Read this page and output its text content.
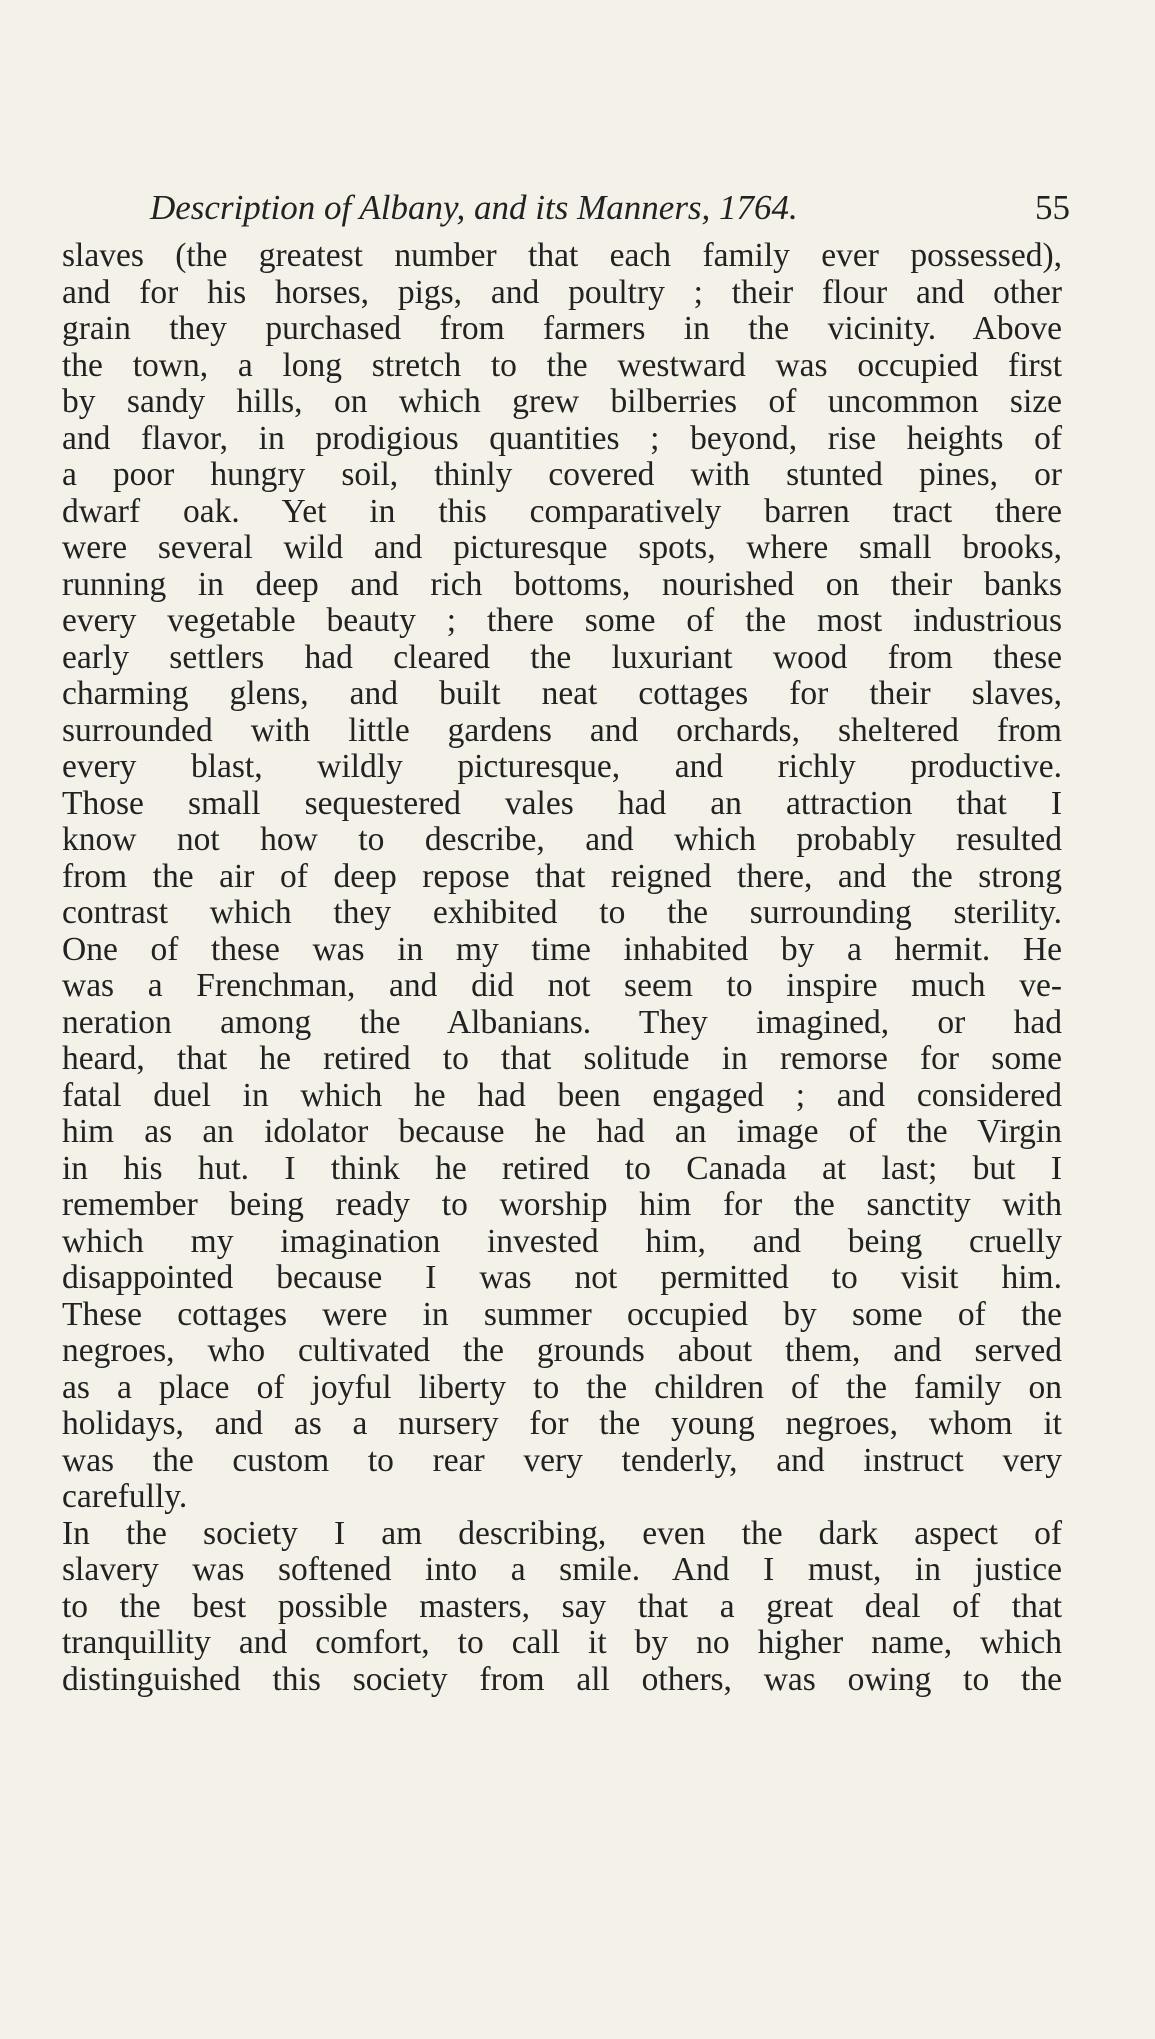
Description of Albany, and its Manners, 1764.	55
slaves (the greatest number that each family ever possessed),
and for his horses, pigs, and poultry ; their flour and other
grain they purchased from farmers in the vicinity. Above
the town, a long stretch to the westward was occupied first
by sandy hills, on which grew bilberries of uncommon size
and flavor, in prodigious quantities ; beyond, rise heights of
a poor hungry soil, thinly covered with stunted pines, or
dwarf oak. Yet in this comparatively barren tract there
were several wild and picturesque spots, where small brooks,
running in deep and rich bottoms, nourished on their banks
every vegetable beauty ; there some of the most industrious
early settlers had cleared the luxuriant wood from these
charming glens, and built neat cottages for their slaves,
surrounded with little gardens and orchards, sheltered from
every blast, wildly picturesque, and richly productive.
Those small sequestered vales had an attraction that I
know not how to describe, and which probably resulted
from the air of deep repose that reigned there, and the strong
contrast which they exhibited to the surrounding sterility.
One of these was in my time inhabited by a hermit. He
was a Frenchman, and did not seem to inspire much ve-
neration among the Albanians. They imagined, or had
heard, that he retired to that solitude in remorse for some
fatal duel in which he had been engaged ; and considered
him as an idolator because he had an image of the Virgin
in his hut. I think he retired to Canada at last; but I
remember being ready to worship him for the sanctity with
which my imagination invested him, and being cruelly
disappointed because I was not permitted to visit him.
These cottages were in summer occupied by some of the
negroes, who cultivated the grounds about them, and served
as a place of joyful liberty to the children of the family on
holidays, and as a nursery for the young negroes, whom it
was the custom to rear very tenderly, and instruct very
carefully.
In the society I am describing, even the dark aspect of
slavery was softened into a smile. And I must, in justice
to the best possible masters, say that a great deal of that
tranquillity and comfort, to call it by no higher name, which
distinguished this society from all others, was owing to the
